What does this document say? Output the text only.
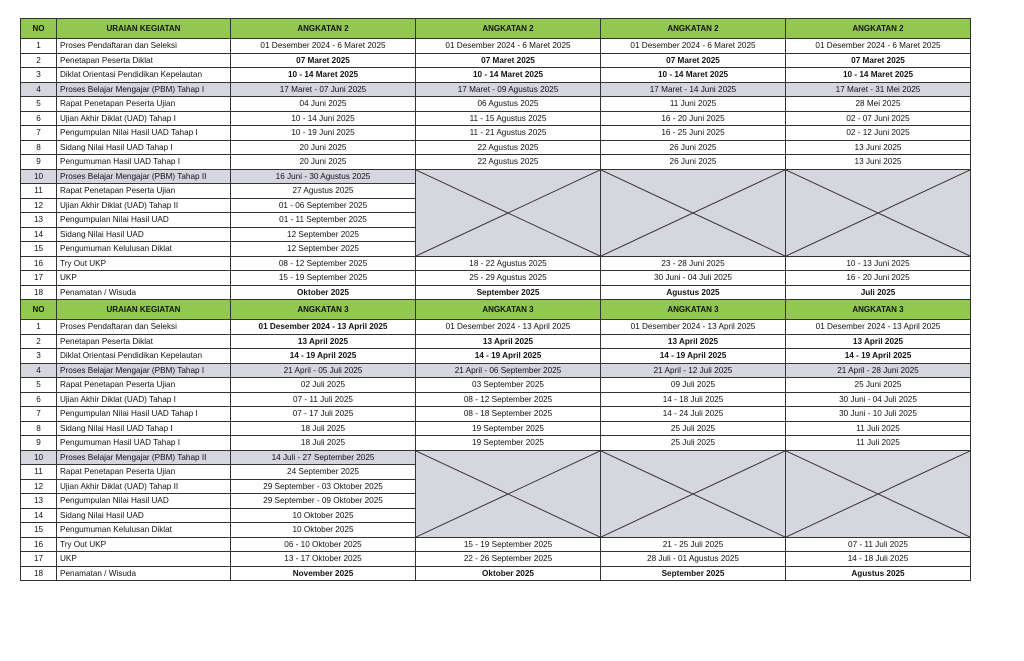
NO	URAIAN KEGIATAN	ANGKATAN 2	ANGKATAN 2	ANGKATAN 2	ANGKATAN 2
1	Proses Pendaftaran dan Seleksi	01 Desember 2024 - 6 Maret 2025	01 Desember 2024 - 6 Maret 2025	01 Desember 2024 - 6 Maret 2025	01 Desember 2024 - 6 Maret 2025
2	Penetapan Peserta Diklat	07 Maret 2025	07 Maret 2025	07 Maret 2025	07 Maret 2025
3	Diklat Orientasi Pendidikan Kepelautan	10 - 14 Maret 2025	10 - 14 Maret 2025	10 - 14 Maret 2025	10 - 14 Maret 2025
4	Proses Belajar Mengajar (PBM) Tahap I	17 Maret - 07 Juni 2025	17 Maret - 09 Agustus 2025	17 Maret - 14 Juni 2025	17 Maret - 31 Mei 2025
5	Rapat Penetapan Peserta Ujian	04 Juni 2025	06 Agustus 2025	11 Juni 2025	28 Mei 2025
6	Ujian Akhir Diklat (UAD) Tahap I	10 - 14 Juni 2025	11 - 15 Agustus 2025	16 - 20 Juni 2025	02 - 07 Juni 2025
7	Pengumpulan Nilai Hasil UAD Tahap I	10 - 19 Juni 2025	11 - 21 Agustus 2025	16 - 25 Juni 2025	02 - 12 Juni 2025
8	Sidang Nilai Hasil UAD Tahap I	20 Juni 2025	22 Agustus 2025	26 Juni 2025	13 Juni 2025
9	Pengumuman Hasil UAD Tahap I	20 Juni 2025	22 Agustus 2025	26 Juni 2025	13 Juni 2025
10	Proses Belajar Mengajar (PBM) Tahap II	16 Juni - 30 Agustus 2025	

11	Rapat Penetapan Peserta Ujian	27 Agustus 2025			
12	Ujian Akhir Diklat (UAD) Tahap II	01 - 06 September 2025			
13	Pengumpulan Nilai Hasil UAD	01 - 11 September 2025			
14	Sidang Nilai Hasil UAD	12 September 2025			
15	Pengumuman Kelulusan Diklat	12 September 2025			
16	Try Out UKP	08 - 12 September 2025	18 - 22 Agustus 2025	23 - 28 Juni 2025	10 - 13 Juni 2025
17	UKP	15 - 19 September 2025	25 - 29 Agustus 2025	30 Juni - 04 Juli 2025	16 - 20 Juni 2025
18	Penamatan / Wisuda	Oktober 2025	September 2025	Agustus 2025	Juli 2025
NO	URAIAN KEGIATAN	ANGKATAN 3	ANGKATAN 3	ANGKATAN 3	ANGKATAN 3
1	Proses Pendaftaran dan Seleksi	01 Desember 2024 - 13 April 2025	01 Desember 2024 - 13 April 2025	01 Desember 2024 - 13 April 2025	01 Desember 2024 - 13 April 2025
2	Penetapan Peserta Diklat	13 April 2025	13 April 2025	13 April 2025	13 April 2025
3	Diklat Orientasi Pendidikan Kepelautan	14 - 19 April 2025	14 - 19 April 2025	14 - 19 April 2025	14 - 19 April 2025
4	Proses Belajar Mengajar (PBM) Tahap I	21 April - 05 Juli 2025	21 April - 06 September 2025	21 April - 12 Juli 2025	21 April - 28 Juni 2025
5	Rapat Penetapan Peserta Ujian	02 Juli 2025	03 September 2025	09 Juli 2025	25 Juni 2025
6	Ujian Akhir Diklat (UAD) Tahap I	07 - 11 Juli 2025	08 - 12 September 2025	14 - 18 Juli 2025	30 Juni - 04 Juli 2025
7	Pengumpulan Nilai Hasil UAD Tahap I	07 - 17 Juli 2025	08 - 18 September 2025	14 - 24 Juli 2025	30 Juni - 10 Juli 2025
8	Sidang Nilai Hasil UAD Tahap I	18 Juli 2025	19 September 2025	25 Juli 2025	11 Juli 2025
9	Pengumuman Hasil UAD Tahap I	18 Juli 2025	19 September 2025	25 Juli 2025	11 Juli 2025
10	Proses Belajar Mengajar (PBM) Tahap II	14 Juli - 27 September 2025	

11	Rapat Penetapan Peserta Ujian	24 September 2025			
12	Ujian Akhir Diklat (UAD) Tahap II	29 September - 03 Oktober 2025			
13	Pengumpulan Nilai Hasil UAD	29 September - 09 Oktober 2025			
14	Sidang Nilai Hasil UAD	10 Oktober 2025			
15	Pengumuman Kelulusan Diklat	10 Oktober 2025			
16	Try Out UKP	06 - 10 Oktober 2025	15 - 19 September 2025	21 - 25 Juli 2025	07 - 11 Juli 2025
17	UKP	13 - 17 Oktober 2025	22 - 26 September 2025	28 Juli - 01 Agustus 2025	14 - 18 Juli 2025
18	Penamatan / Wisuda	November 2025	Oktober 2025	September 2025	Agustus 2025
